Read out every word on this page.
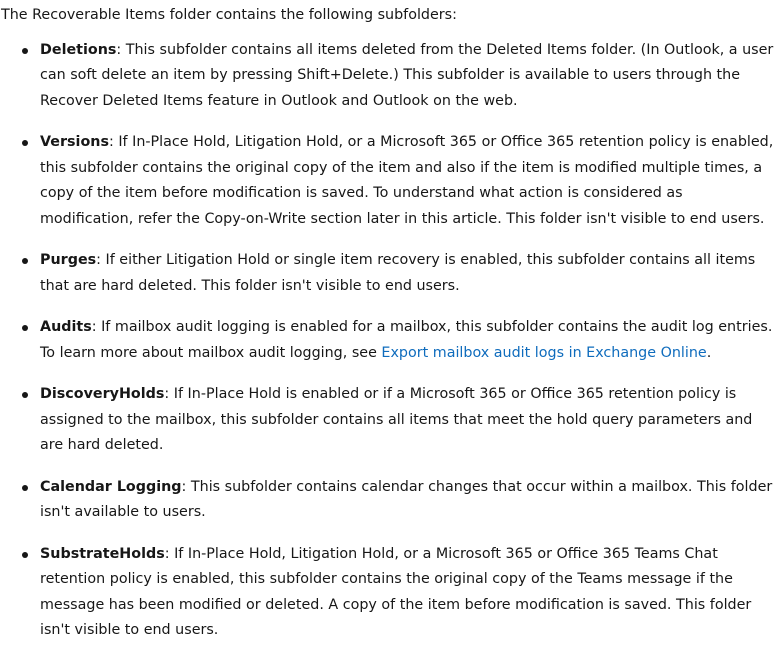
The Recoverable Items folder contains the following subfolders:

Deletions: This subfolder contains all items deleted from the Deleted Items folder. (In Outlook, a user can soft delete an item by pressing Shift+Delete.) This subfolder is available to users through the Recover Deleted Items feature in Outlook and Outlook on the web.
Versions: If In-Place Hold, Litigation Hold, or a Microsoft 365 or Office 365 retention policy is enabled, this subfolder contains the original copy of the item and also if the item is modified multiple times, a copy of the item before modification is saved. To understand what action is considered as modification, refer the Copy-on-Write section later in this article. This folder isn't visible to end users.
Purges: If either Litigation Hold or single item recovery is enabled, this subfolder contains all items that are hard deleted. This folder isn't visible to end users.
Audits: If mailbox audit logging is enabled for a mailbox, this subfolder contains the audit log entries. To learn more about mailbox audit logging, see Export mailbox audit logs in Exchange Online.
DiscoveryHolds: If In-Place Hold is enabled or if a Microsoft 365 or Office 365 retention policy is assigned to the mailbox, this subfolder contains all items that meet the hold query parameters and are hard deleted.
Calendar Logging: This subfolder contains calendar changes that occur within a mailbox. This folder isn't available to users.
SubstrateHolds: If In-Place Hold, Litigation Hold, or a Microsoft 365 or Office 365 Teams Chat retention policy is enabled, this subfolder contains the original copy of the Teams message if the message has been modified or deleted. A copy of the item before modification is saved. This folder isn't visible to end users.
